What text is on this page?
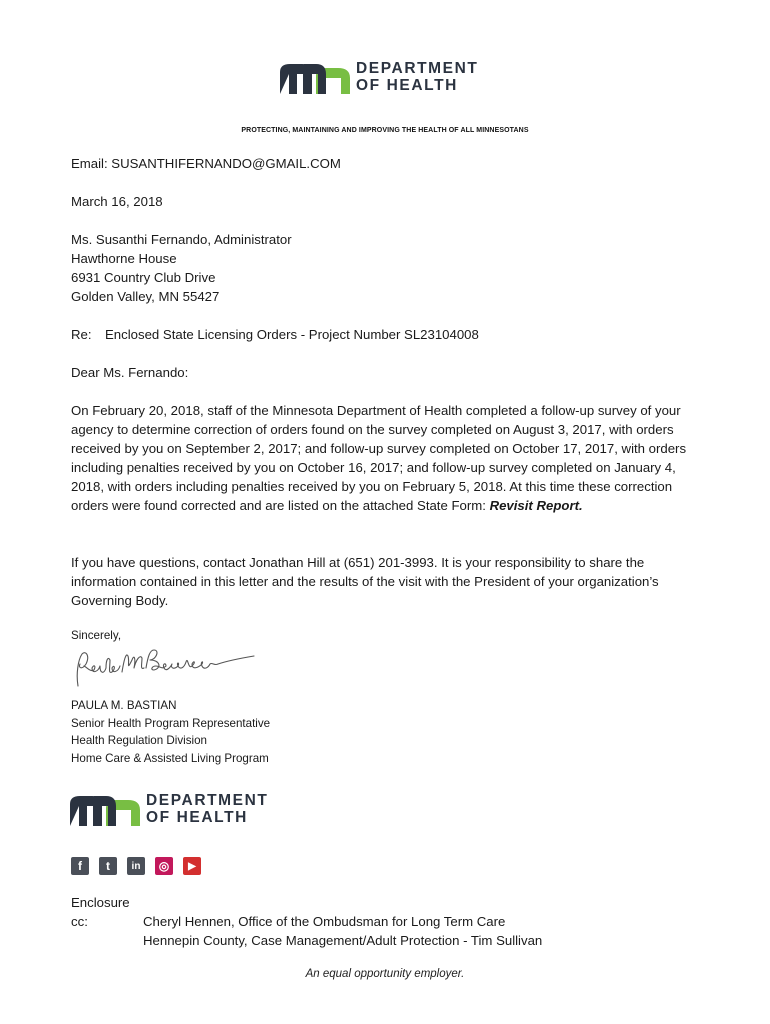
DEPARTMENT
OF HEALTH
PROTECTING, MAINTAINING AND IMPROVING THE HEALTH OF ALL MINNESOTANS
Email: SUSANTHIFERNANDO@GMAIL.COM
March 16, 2018
Ms. Susanthi Fernando, Administrator
Hawthorne House
6931 Country Club Drive
Golden Valley, MN 55427
Re: Enclosed State Licensing Orders - Project Number SL23104008
Dear Ms. Fernando:
On February 20, 2018, staff of the Minnesota Department of Health completed a follow-up survey of your agency to determine correction of orders found on the survey completed on August 3, 2017, with orders received by you on September 2, 2017; and follow-up survey completed on October 17, 2017, with orders including penalties received by you on October 16, 2017; and follow-up survey completed on January 4, 2018, with orders including penalties received by you on February 5, 2018. At this time these correction orders were found corrected and are listed on the attached State Form: Revisit Report.
If you have questions, contact Jonathan Hill at (651) 201-3993. It is your responsibility to share the information contained in this letter and the results of the visit with the President of your organization’s Governing Body.
Sincerely,
PAULA M. BASTIAN
Senior Health Program Representative
Health Regulation Division
Home Care & Assisted Living Program
DEPARTMENT
OF HEALTH
f	t	in	◎	▶
Enclosure
cc:	Cheryl Hennen, Office of the Ombudsman for Long Term Care
Hennepin County, Case Management/Adult Protection - Tim Sullivan
An equal opportunity employer.
